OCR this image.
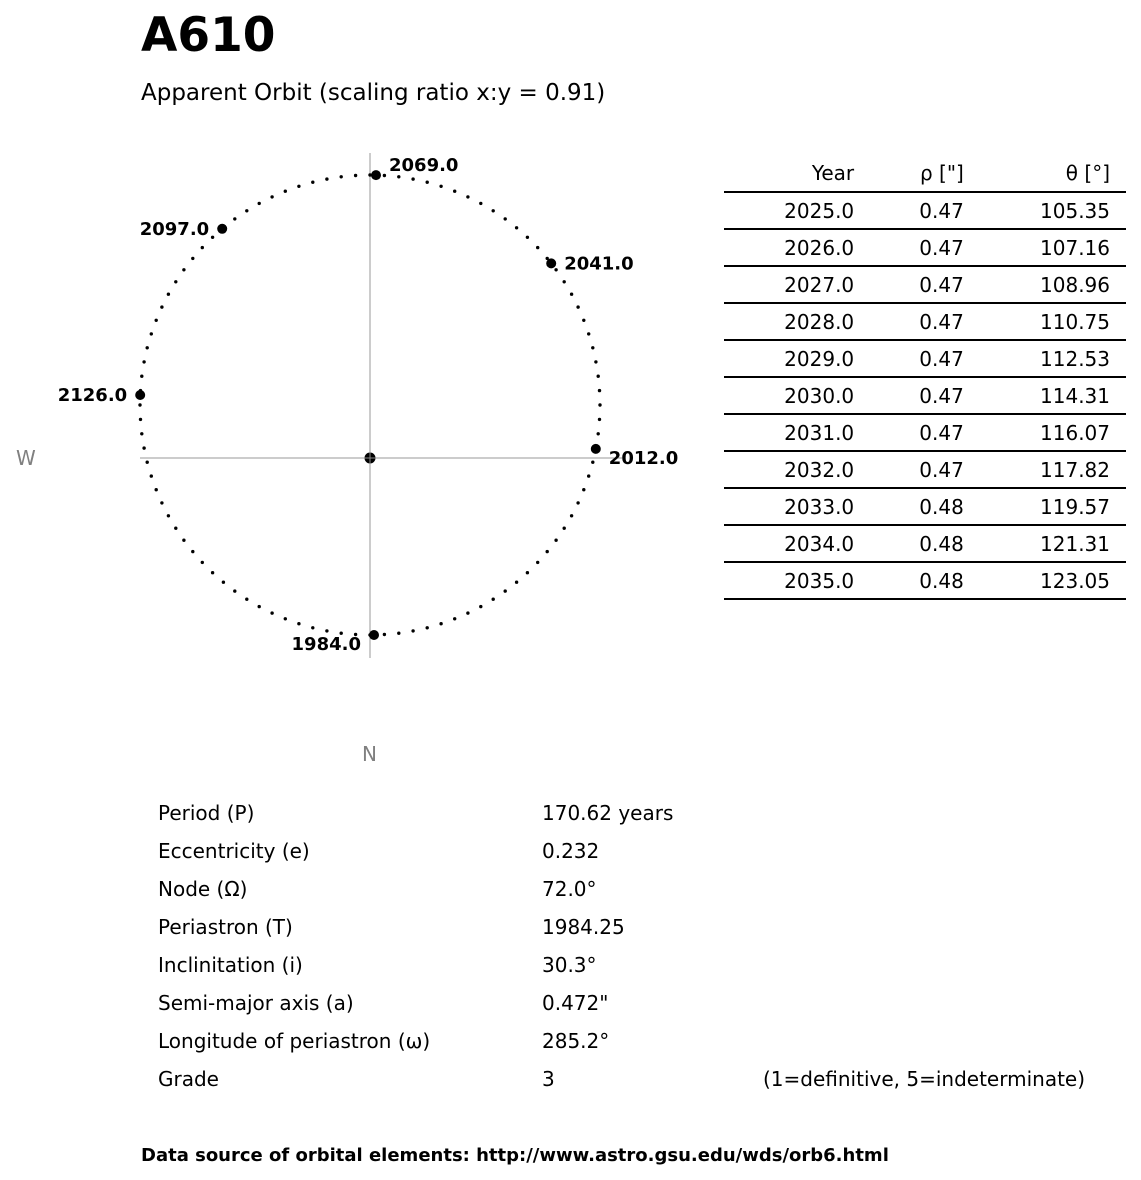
A610
Apparent Orbit (scaling ratio x:y = 0.91)
2069.0
2097.0
2041.0
2126.0
2012.0
1984.0
W
N
Year	ρ ["]	θ [°]
2025.0	0.47	105.35
2026.0	0.47	107.16
2027.0	0.47	108.96
2028.0	0.47	110.75
2029.0	0.47	112.53
2030.0	0.47	114.31
2031.0	0.47	116.07
2032.0	0.47	117.82
2033.0	0.48	119.57
2034.0	0.48	121.31
2035.0	0.48	123.05
Period (P)	170.62 years
Eccentricity (e)	0.232
Node (Ω)	72.0°
Periastron (T)	1984.25
Inclinitation (i)	30.3°
Semi-major axis (a)	0.472"
Longitude of periastron (ω)	285.2°
Grade	3	(1=definitive, 5=indeterminate)
Data source of orbital elements: http://www.astro.gsu.edu/wds/orb6.html
